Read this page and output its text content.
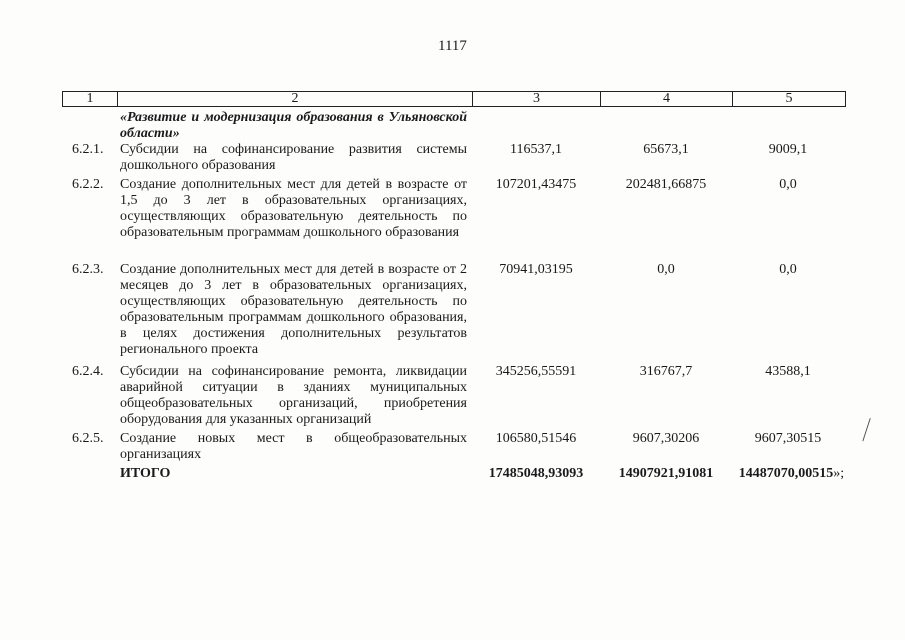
1117
1	2	3	4	5
«Развитие и модернизация образования в Ульяновской области»
6.2.1. Субсидии на софинансирование развития системы дошкольного образования
116537,1	65673,1	9009,1
6.2.2. Создание дополнительных мест для детей в возрасте от 1,5 до 3 лет в образовательных организациях, осуществляющих образовательную деятельность по образовательным программам дошкольного образования
107201,43475	202481,66875	0,0
6.2.3. Создание дополнительных мест для детей в возрасте от 2 месяцев до 3 лет в образовательных организациях, осуществляющих образовательную деятельность по образовательным программам дошкольного образования, в целях достижения дополнительных результатов регионального проекта
70941,03195	0,0	0,0
6.2.4. Субсидии на софинансирование ремонта, ликвидации аварийной ситуации в зданиях муниципальных общеобразовательных организаций, приобретения оборудования для указанных организаций
345256,55591	316767,7	43588,1
6.2.5. Создание новых мест в общеобразовательных организациях
106580,51546	9607,30206	9607,30515
ИТОГО	17485048,93093	14907921,91081	14487070,00515»;
